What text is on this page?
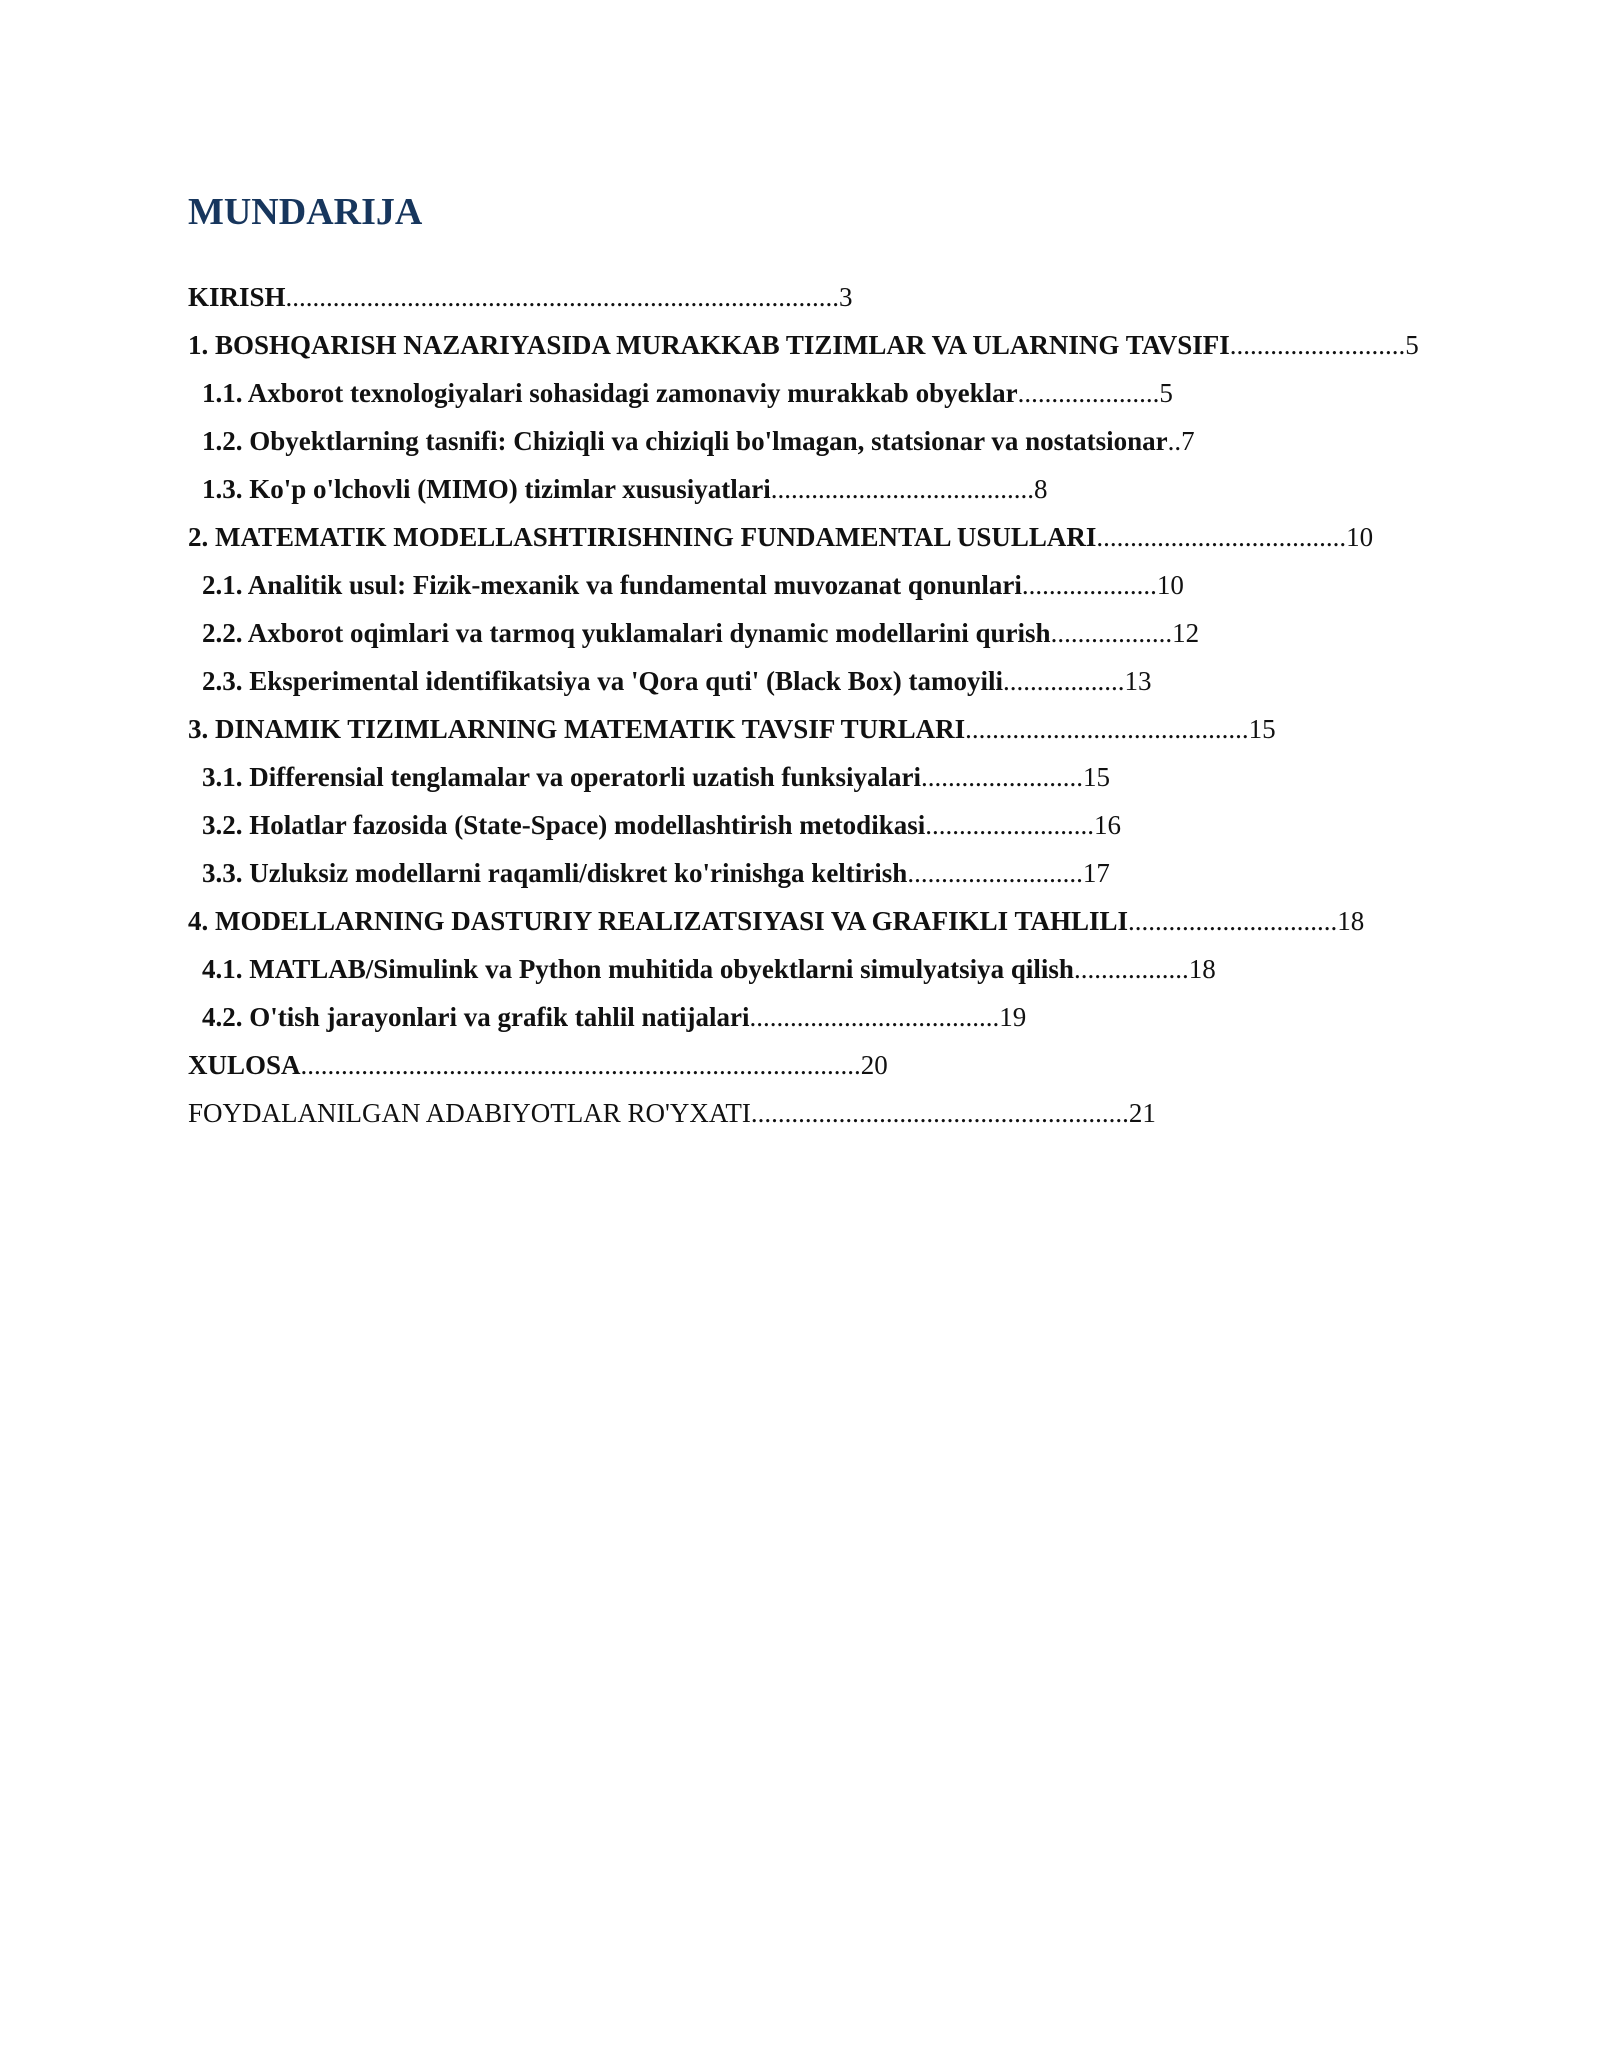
MUNDARIJA
KIRISH..................................................................................3
1. BOSHQARISH NAZARIYASIDA MURAKKAB TIZIMLAR VA ULARNING TAVSIFI..........................5
1.1. Axborot texnologiyalari sohasidagi zamonaviy murakkab obyeklar.....................5
1.2. Obyektlarning tasnifi: Chiziqli va chiziqli bo'lmagan, statsionar va nostatsionar..7
1.3. Ko'p o'lchovli (MIMO) tizimlar xususiyatlari.......................................8
2. MATEMATIK MODELLASHTIRISHNING FUNDAMENTAL USULLARI.....................................10
2.1. Analitik usul: Fizik-mexanik va fundamental muvozanat qonunlari....................10
2.2. Axborot oqimlari va tarmoq yuklamalari dynamic modellarini qurish..................12
2.3. Eksperimental identifikatsiya va 'Qora quti' (Black Box) tamoyili..................13
3. DINAMIK TIZIMLARNING MATEMATIK TAVSIF TURLARI..........................................15
3.1. Differensial tenglamalar va operatorli uzatish funksiyalari........................15
3.2. Holatlar fazosida (State-Space) modellashtirish metodikasi.........................16
3.3. Uzluksiz modellarni raqamli/diskret ko'rinishga keltirish..........................17
4. MODELLARNING DASTURIY REALIZATSIYASI VA GRAFIKLI TAHLILI...............................18
4.1. MATLAB/Simulink va Python muhitida obyektlarni simulyatsiya qilish.................18
4.2. O'tish jarayonlari va grafik tahlil natijalari.....................................19
XULOSA...................................................................................20
FOYDALANILGAN ADABIYOTLAR RO'YXATI........................................................21
